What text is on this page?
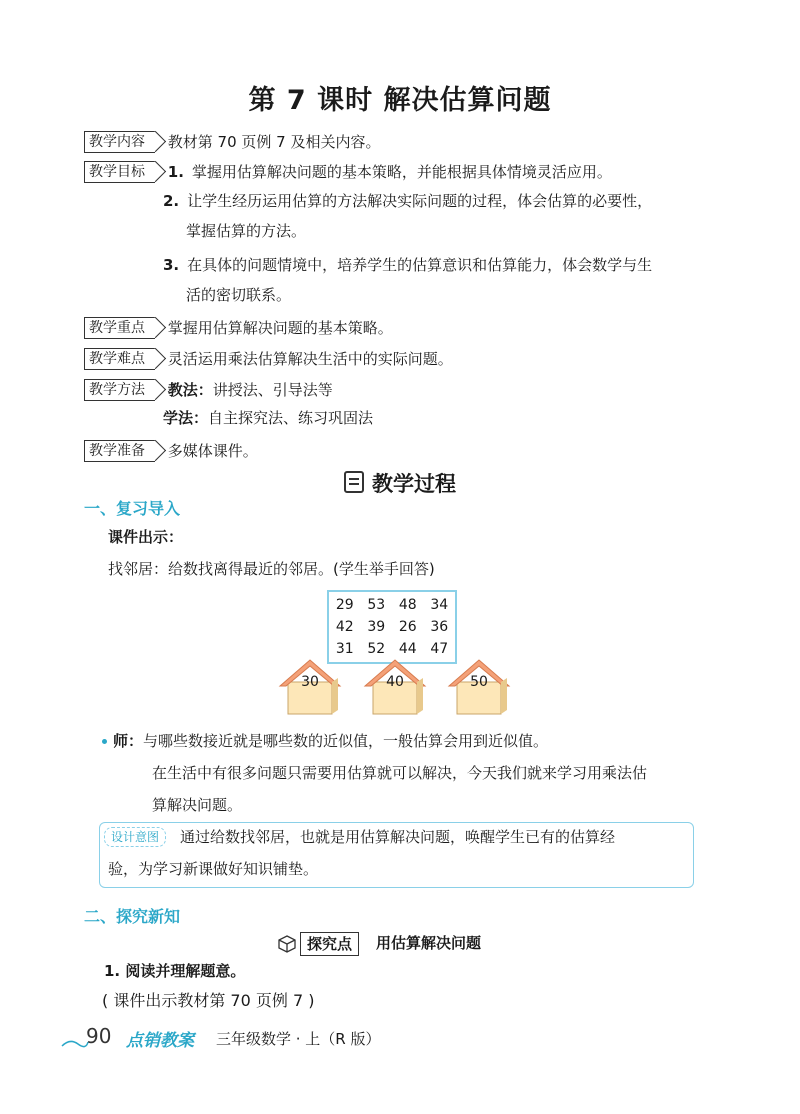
第 7 课时 解决估算问题
教学内容 教材第 70 页例 7 及相关内容。
教学目标 1. 掌握用估算解决问题的基本策略，并能根据具体情境灵活应用。
2. 让学生经历运用估算的方法解决实际问题的过程，体会估算的必要性，
掌握估算的方法。
3. 在具体的问题情境中，培养学生的估算意识和估算能力，体会数学与生
活的密切联系。
教学重点 掌握用估算解决问题的基本策略。
教学难点 灵活运用乘法估算解决生活中的实际问题。
教学方法 教法：讲授法、引导法等
学法：自主探究法、练习巩固法
教学准备 多媒体课件。
教学过程
一、复习导入
课件出示：
找邻居：给数找离得最近的邻居。(学生举手回答)
29 53 48 34
42 39 26 36
31 52 44 47
30	40	50
师：与哪些数接近就是哪些数的近似值，一般估算会用到近似值。
在生活中有很多问题只需要用估算就可以解决，今天我们就来学习用乘法估
算解决问题。
设计意图	通过给数找邻居，也就是用估算解决问题，唤醒学生已有的估算经
验，为学习新课做好知识铺垫。
二、探究新知
探究点	用估算解决问题
1. 阅读并理解题意。
( 课件出示教材第 70 页例 7 )
90 点销教案 三年级数学 · 上（R 版）
